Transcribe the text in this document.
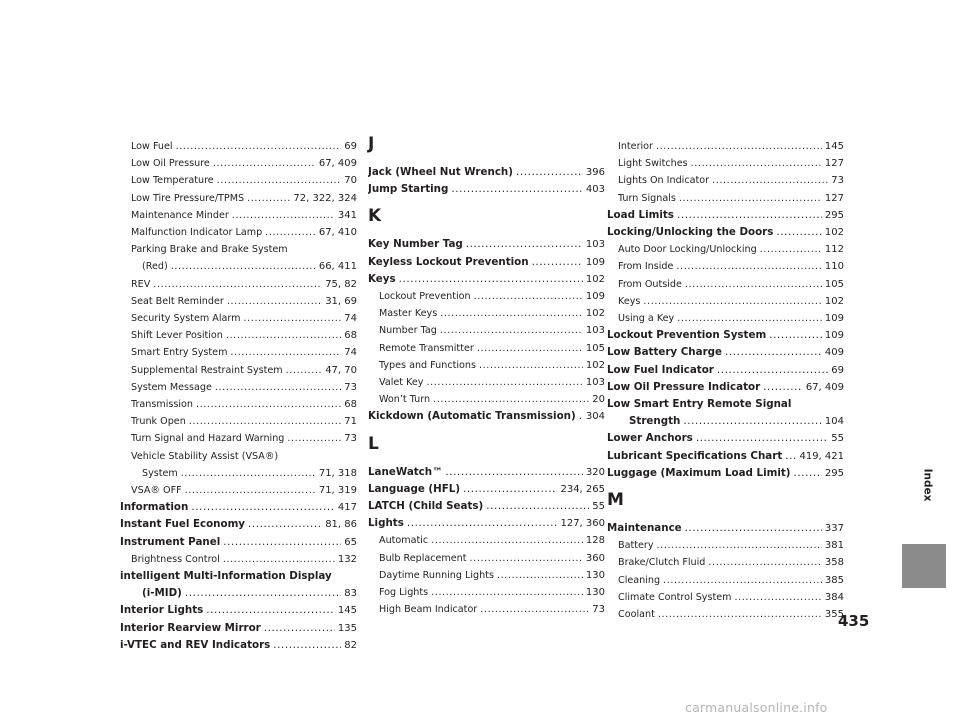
Low Fuel .....	69
Low Oil Pressure .....	67, 409
Low Temperature .....	70
Low Tire Pressure/TPMS .....	72, 322, 324
Maintenance Minder .....	341
Malfunction Indicator Lamp .....	67, 410
Parking Brake and Brake System
(Red) .....	66, 411
REV .....	75, 82
Seat Belt Reminder .....	31, 69
Security System Alarm .....	74
Shift Lever Position .....	68
Smart Entry System .....	74
Supplemental Restraint System .....	47, 70
System Message .....	73
Transmission .....	68
Trunk Open .....	71
Turn Signal and Hazard Warning .....	73
Vehicle Stability Assist (VSA®)
System .....	71, 318
VSA® OFF .....	71, 319
Information .....	417
Instant Fuel Economy .....	81, 86
Instrument Panel .....	65
Brightness Control .....	132
intelligent Multi-Information Display
(i-MID) .....	83
Interior Lights .....	145
Interior Rearview Mirror .....	135
i-VTEC and REV Indicators .....	82
J
Jack (Wheel Nut Wrench) .....	396
Jump Starting .....	403
K
Key Number Tag .....	103
Keyless Lockout Prevention .....	109
Keys .....	102
Lockout Prevention .....	109
Master Keys .....	102
Number Tag .....	103
Remote Transmitter .....	105
Types and Functions .....	102
Valet Key .....	103
Won’t Turn .....	20
Kickdown (Automatic Transmission) ..... 304
L
LaneWatch™ .....	320
Language (HFL) .....	234, 265
LATCH (Child Seats) .....	55
Lights .....	127, 360
Automatic .....	128
Bulb Replacement .....	360
Daytime Running Lights .....	130
Fog Lights .....	130
High Beam Indicator .....	73
Interior .....	145
Light Switches .....	127
Lights On Indicator .....	73
Turn Signals .....	127
Load Limits .....	295
Locking/Unlocking the Doors .....	102
Auto Door Locking/Unlocking .....	112
From Inside .....	110
From Outside .....	105
Keys .....	102
Using a Key .....	109
Lockout Prevention System .....	109
Low Battery Charge .....	409
Low Fuel Indicator .....	69
Low Oil Pressure Indicator .....	67, 409
Low Smart Entry Remote Signal
Strength .....	104
Lower Anchors .....	55
Lubricant Specifications Chart ..... 419, 421
Luggage (Maximum Load Limit) .....	295
M
Maintenance .....	337
Battery .....	381
Brake/Clutch Fluid .....	358
Cleaning .....	385
Climate Control System .....	384
Coolant .....	355
Index
435
carmanualsonline.info
